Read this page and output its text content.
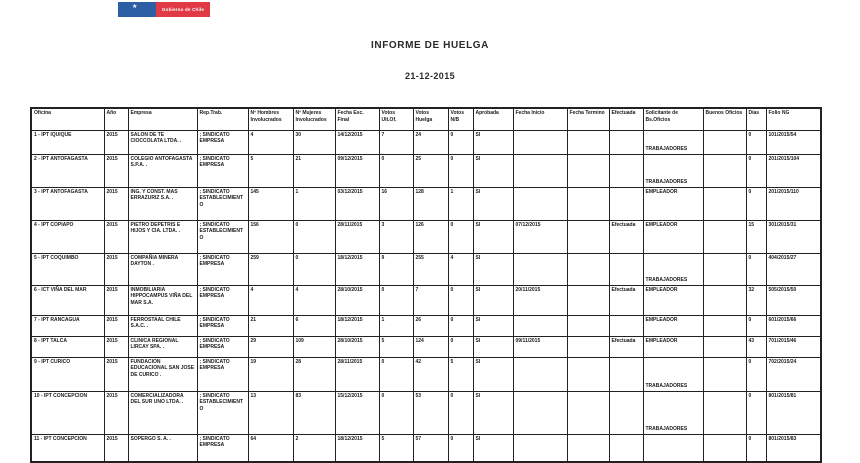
★	Gobierno de Chile
INFORME DE HUELGA
21-12-2015
Oficina	Año	Empresa	Rep.Trab.	Nº Hombres Involucrados	Nº Mujeres Involucrados	Fecha Esc. Final	Votos Ult.Of.	Votos Huelga	Votos N/B	Aprobada	Fecha Inicio	Fecha Termino	Efectuada	Solicitante de Bs.Oficios	Buenos Oficios	Días	Folio NG
1 - IPT IQUIQUE	2015	SALON DE TE CIOCCOLATA LTDA. .	; SINDICATO EMPRESA	4	30	14/12/2015	7	24	0	SI				TRABAJADORES		0	101/2015/54
2 - IPT ANTOFAGASTA	2015	COLEGIO ANTOFAGASTA S.P.A. .	; SINDICATO EMPRESA	5	21	09/12/2015	0	25	0	SI				TRABAJADORES		0	201/2015/104
3 - IPT ANTOFAGASTA	2015	ING. Y CONST. MAS ERRAZURIZ S.A. .	; SINDICATO ESTABLECIMIENTO	145	1	03/12/2015	16	128	1	SI				EMPLEADOR		0	201/2015/110
4 - IPT COPIAPO	2015	PIETRO DEPETRIS E HIJOS Y CIA. LTDA. .	; SINDICATO ESTABLECIMIENTO	156	0	28/11/2015	3	126	0	SI	07/12/2015		Efectuada	EMPLEADOR		15	301/2015/31
5 - IPT COQUIMBO	2015	COMPAÑIA MINERA DAYTON .	; SINDICATO EMPRESA	259	0	18/12/2015	9	255	4	SI				TRABAJADORES		0	404/2015/27
6 - ICT VIÑA DEL MAR	2015	INMOBILIARIA HIPPOCAMPUS VIÑA DEL MAR S.A.	; SINDICATO EMPRESA	4	4	28/10/2015	0	7	0	SI	20/11/2015		Efectuada	EMPLEADOR		32	505/2015/50
7 - IPT RANCAGUA	2015	FERROSTAAL CHILE S.A.C. .	; SINDICATO EMPRESA	21	6	18/12/2015	1	26	0	SI				EMPLEADOR		0	601/2015/66
8 - IPT TALCA	2015	CLINICA REGIONAL LIRCAY SPA. .	; SINDICATO EMPRESA	29	109	28/10/2015	5	124	0	SI	09/11/2015		Efectuada	EMPLEADOR		43	701/2015/46
9 - IPT CURICO	2015	FUNDACION EDUCACIONAL SAN JOSE DE CURICO .	; SINDICATO EMPRESA	19	28	28/11/2015	0	42	5	SI				TRABAJADORES		0	702/2015/24
10 - IPT CONCEPCION	2015	COMERCIALIZADORA DEL SUR UNO LTDA. .	; SINDICATO ESTABLECIMIENTO	13	83	15/12/2015	0	53	0	SI				TRABAJADORES		0	801/2015/81
11 - IPT CONCEPCION	2015	SOPERGO S. A. .	; SINDICATO EMPRESA	64	2	18/12/2015	5	57	0	SI						0	801/2015/83
